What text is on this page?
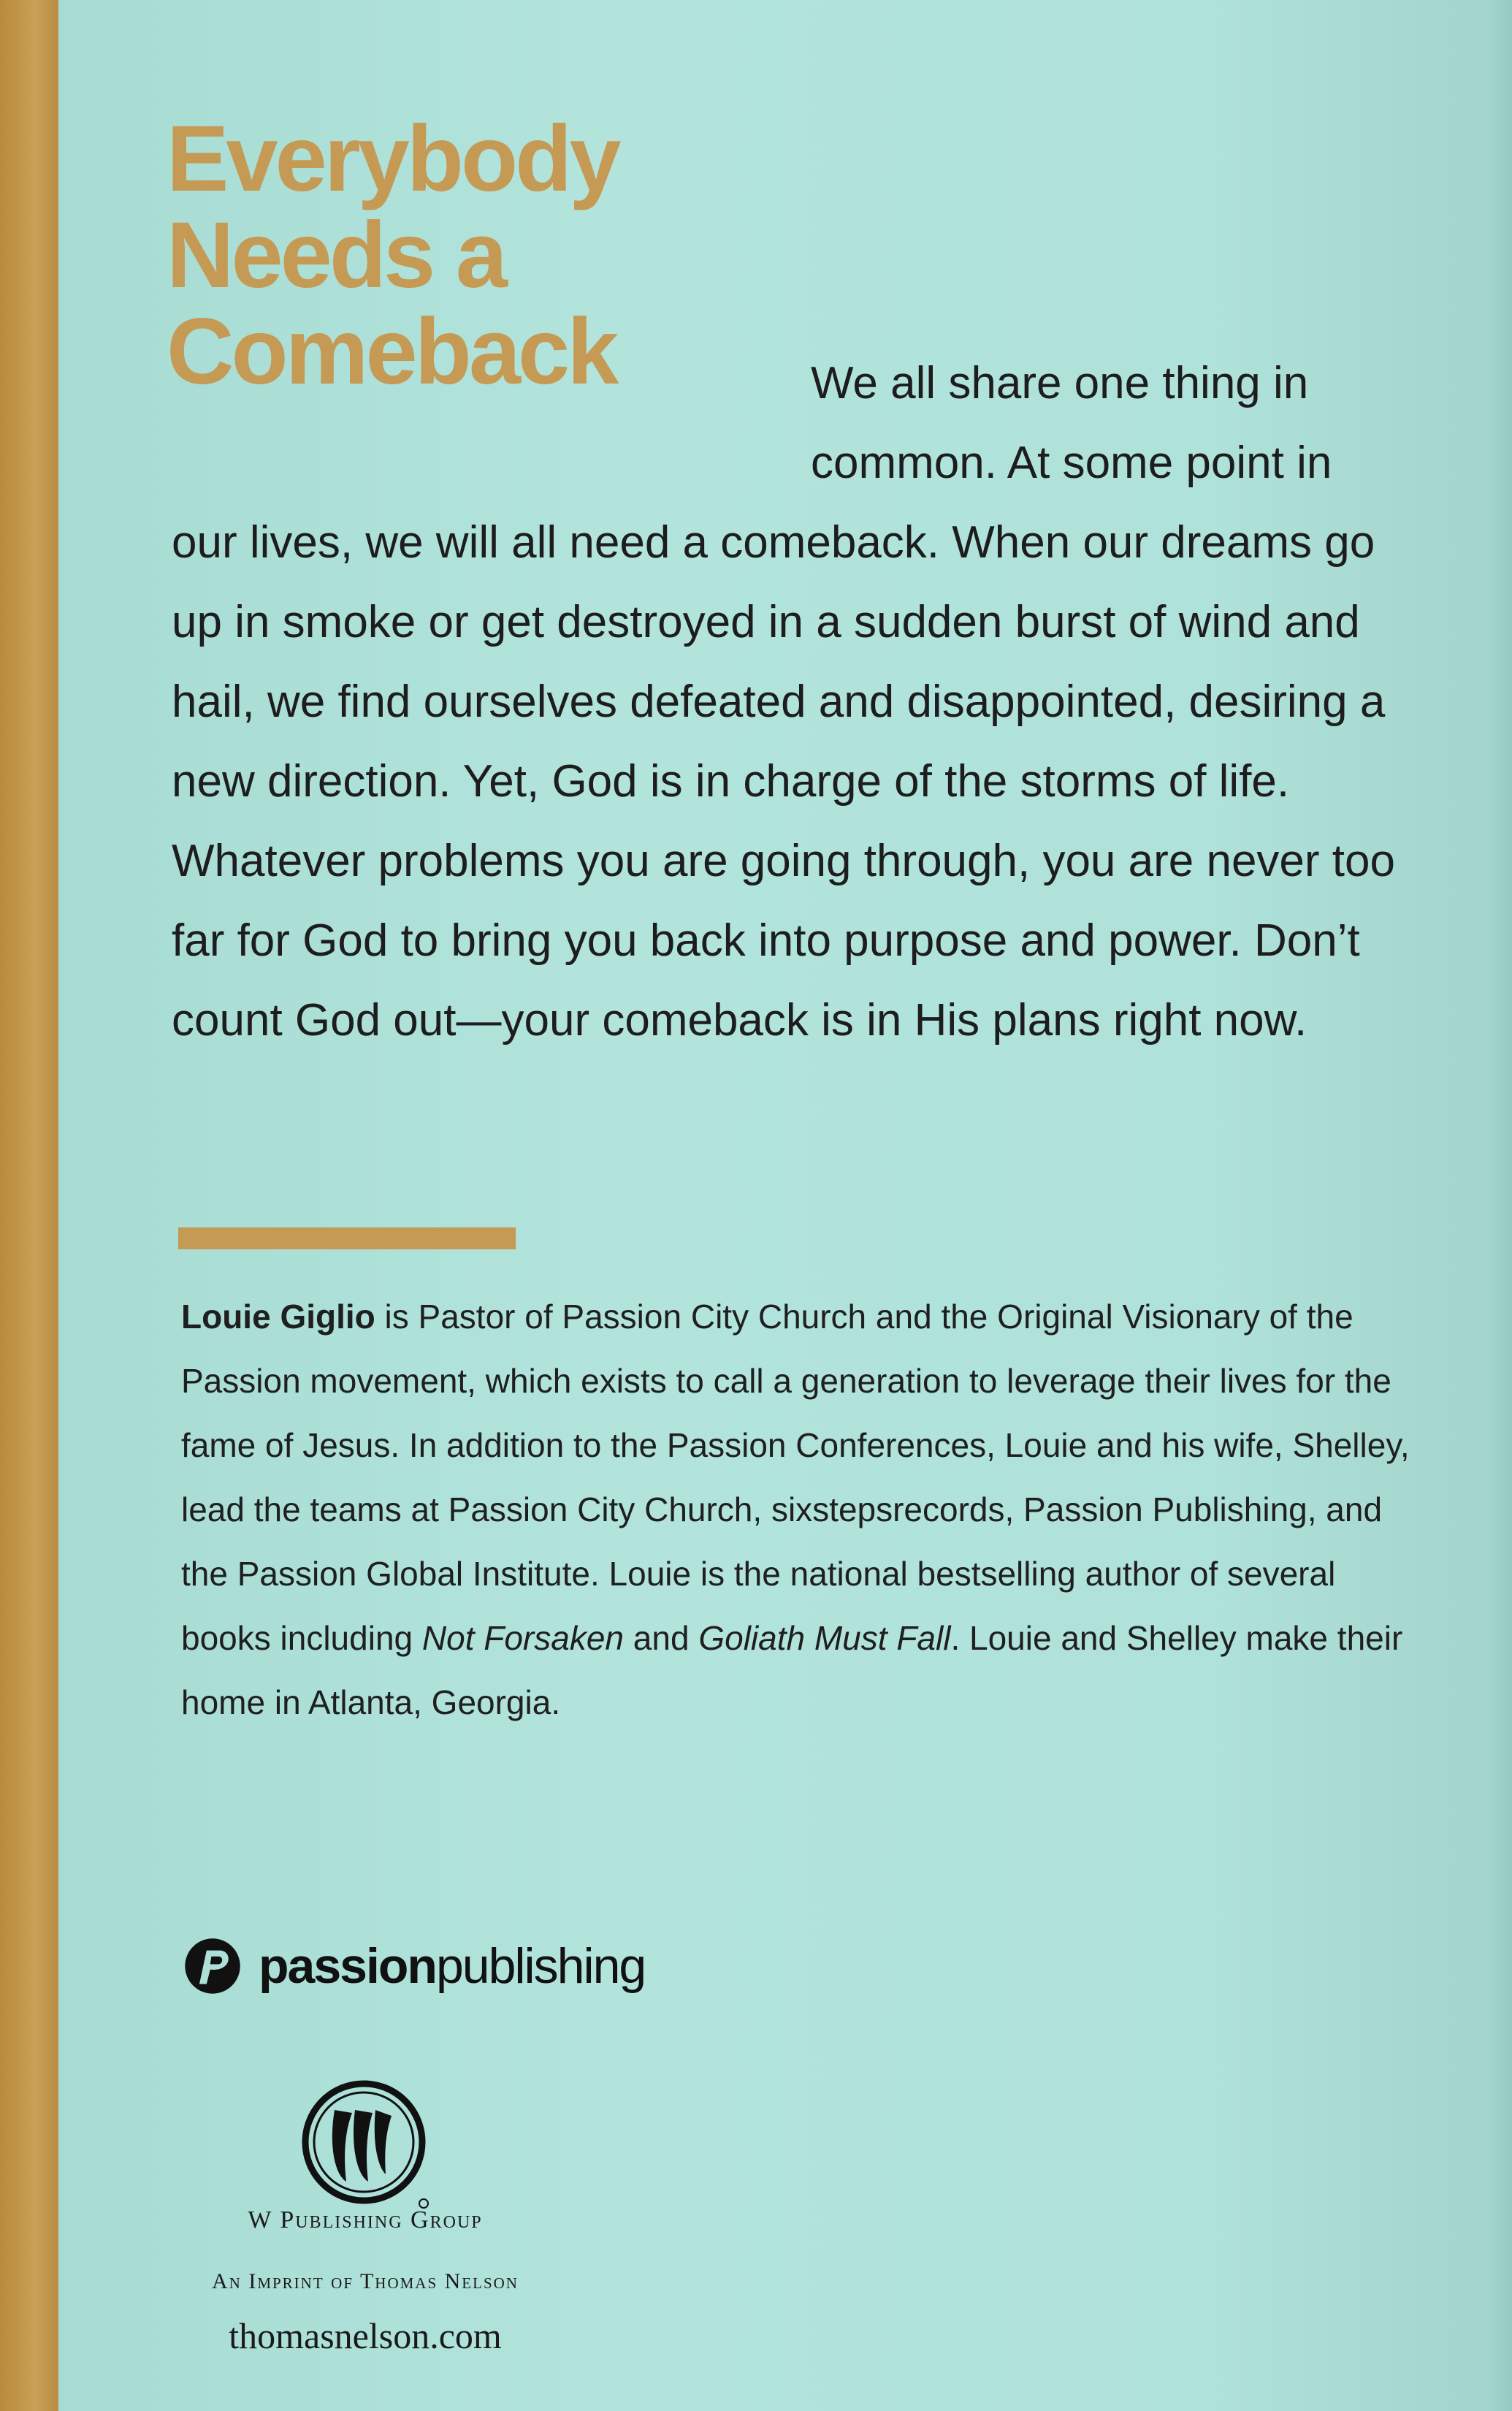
Everybody
Needs a
Comeback	We all share one thing in common. At some point in our lives, we will all need a comeback. When our dreams go up in smoke or get destroyed in a sudden burst of wind and hail, we find ourselves defeated and disappointed, desiring a new direction. Yet, God is in charge of the storms of life. Whatever problems you are going through, you are never too far for God to bring you back into purpose and power. Don’t count God out—your comeback is in His plans right now.

Louie Giglio is Pastor of Passion City Church and the Original Visionary of the Passion movement, which exists to call a generation to leverage their lives for the fame of Jesus. In addition to the Passion Conferences, Louie and his wife, Shelley, lead the teams at Passion City Church, sixstepsrecords, Passion Publishing, and the Passion Global Institute. Louie is the national bestselling author of several books including Not Forsaken and Goliath Must Fall. Louie and Shelley make their home in Atlanta, Georgia.

passionpublishing
W Publishing Group
An Imprint of Thomas Nelson
thomasnelson.com
